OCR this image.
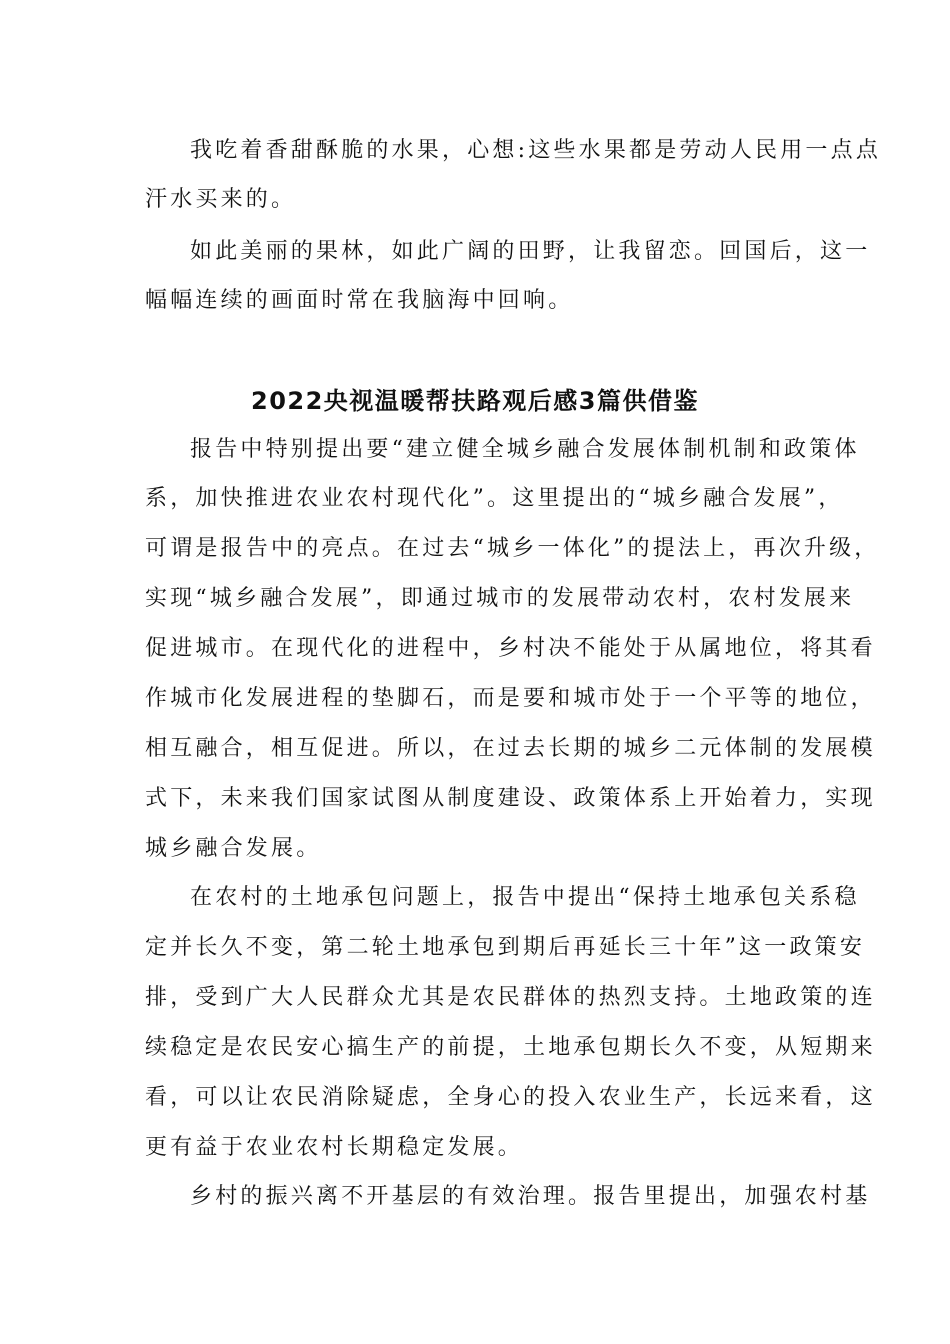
我吃着香甜酥脆的水果，心想:这些水果都是劳动人民用一点点
汗水买来的。
如此美丽的果林，如此广阔的田野，让我留恋。回国后，这一
幅幅连续的画面时常在我脑海中回响。
2022央视温暖帮扶路观后感3篇供借鉴
报告中特别提出要“建立健全城乡融合发展体制机制和政策体
系，加快推进农业农村现代化”。这里提出的“城乡融合发展”，
可谓是报告中的亮点。在过去“城乡一体化”的提法上，再次升级，
实现“城乡融合发展”，即通过城市的发展带动农村，农村发展来
促进城市。在现代化的进程中，乡村决不能处于从属地位，将其看
作城市化发展进程的垫脚石，而是要和城市处于一个平等的地位，
相互融合，相互促进。所以，在过去长期的城乡二元体制的发展模
式下，未来我们国家试图从制度建设、政策体系上开始着力，实现
城乡融合发展。
在农村的土地承包问题上，报告中提出“保持土地承包关系稳
定并长久不变，第二轮土地承包到期后再延长三十年”这一政策安
排，受到广大人民群众尤其是农民群体的热烈支持。土地政策的连
续稳定是农民安心搞生产的前提，土地承包期长久不变，从短期来
看，可以让农民消除疑虑，全身心的投入农业生产，长远来看，这
更有益于农业农村长期稳定发展。
乡村的振兴离不开基层的有效治理。报告里提出，加强农村基
